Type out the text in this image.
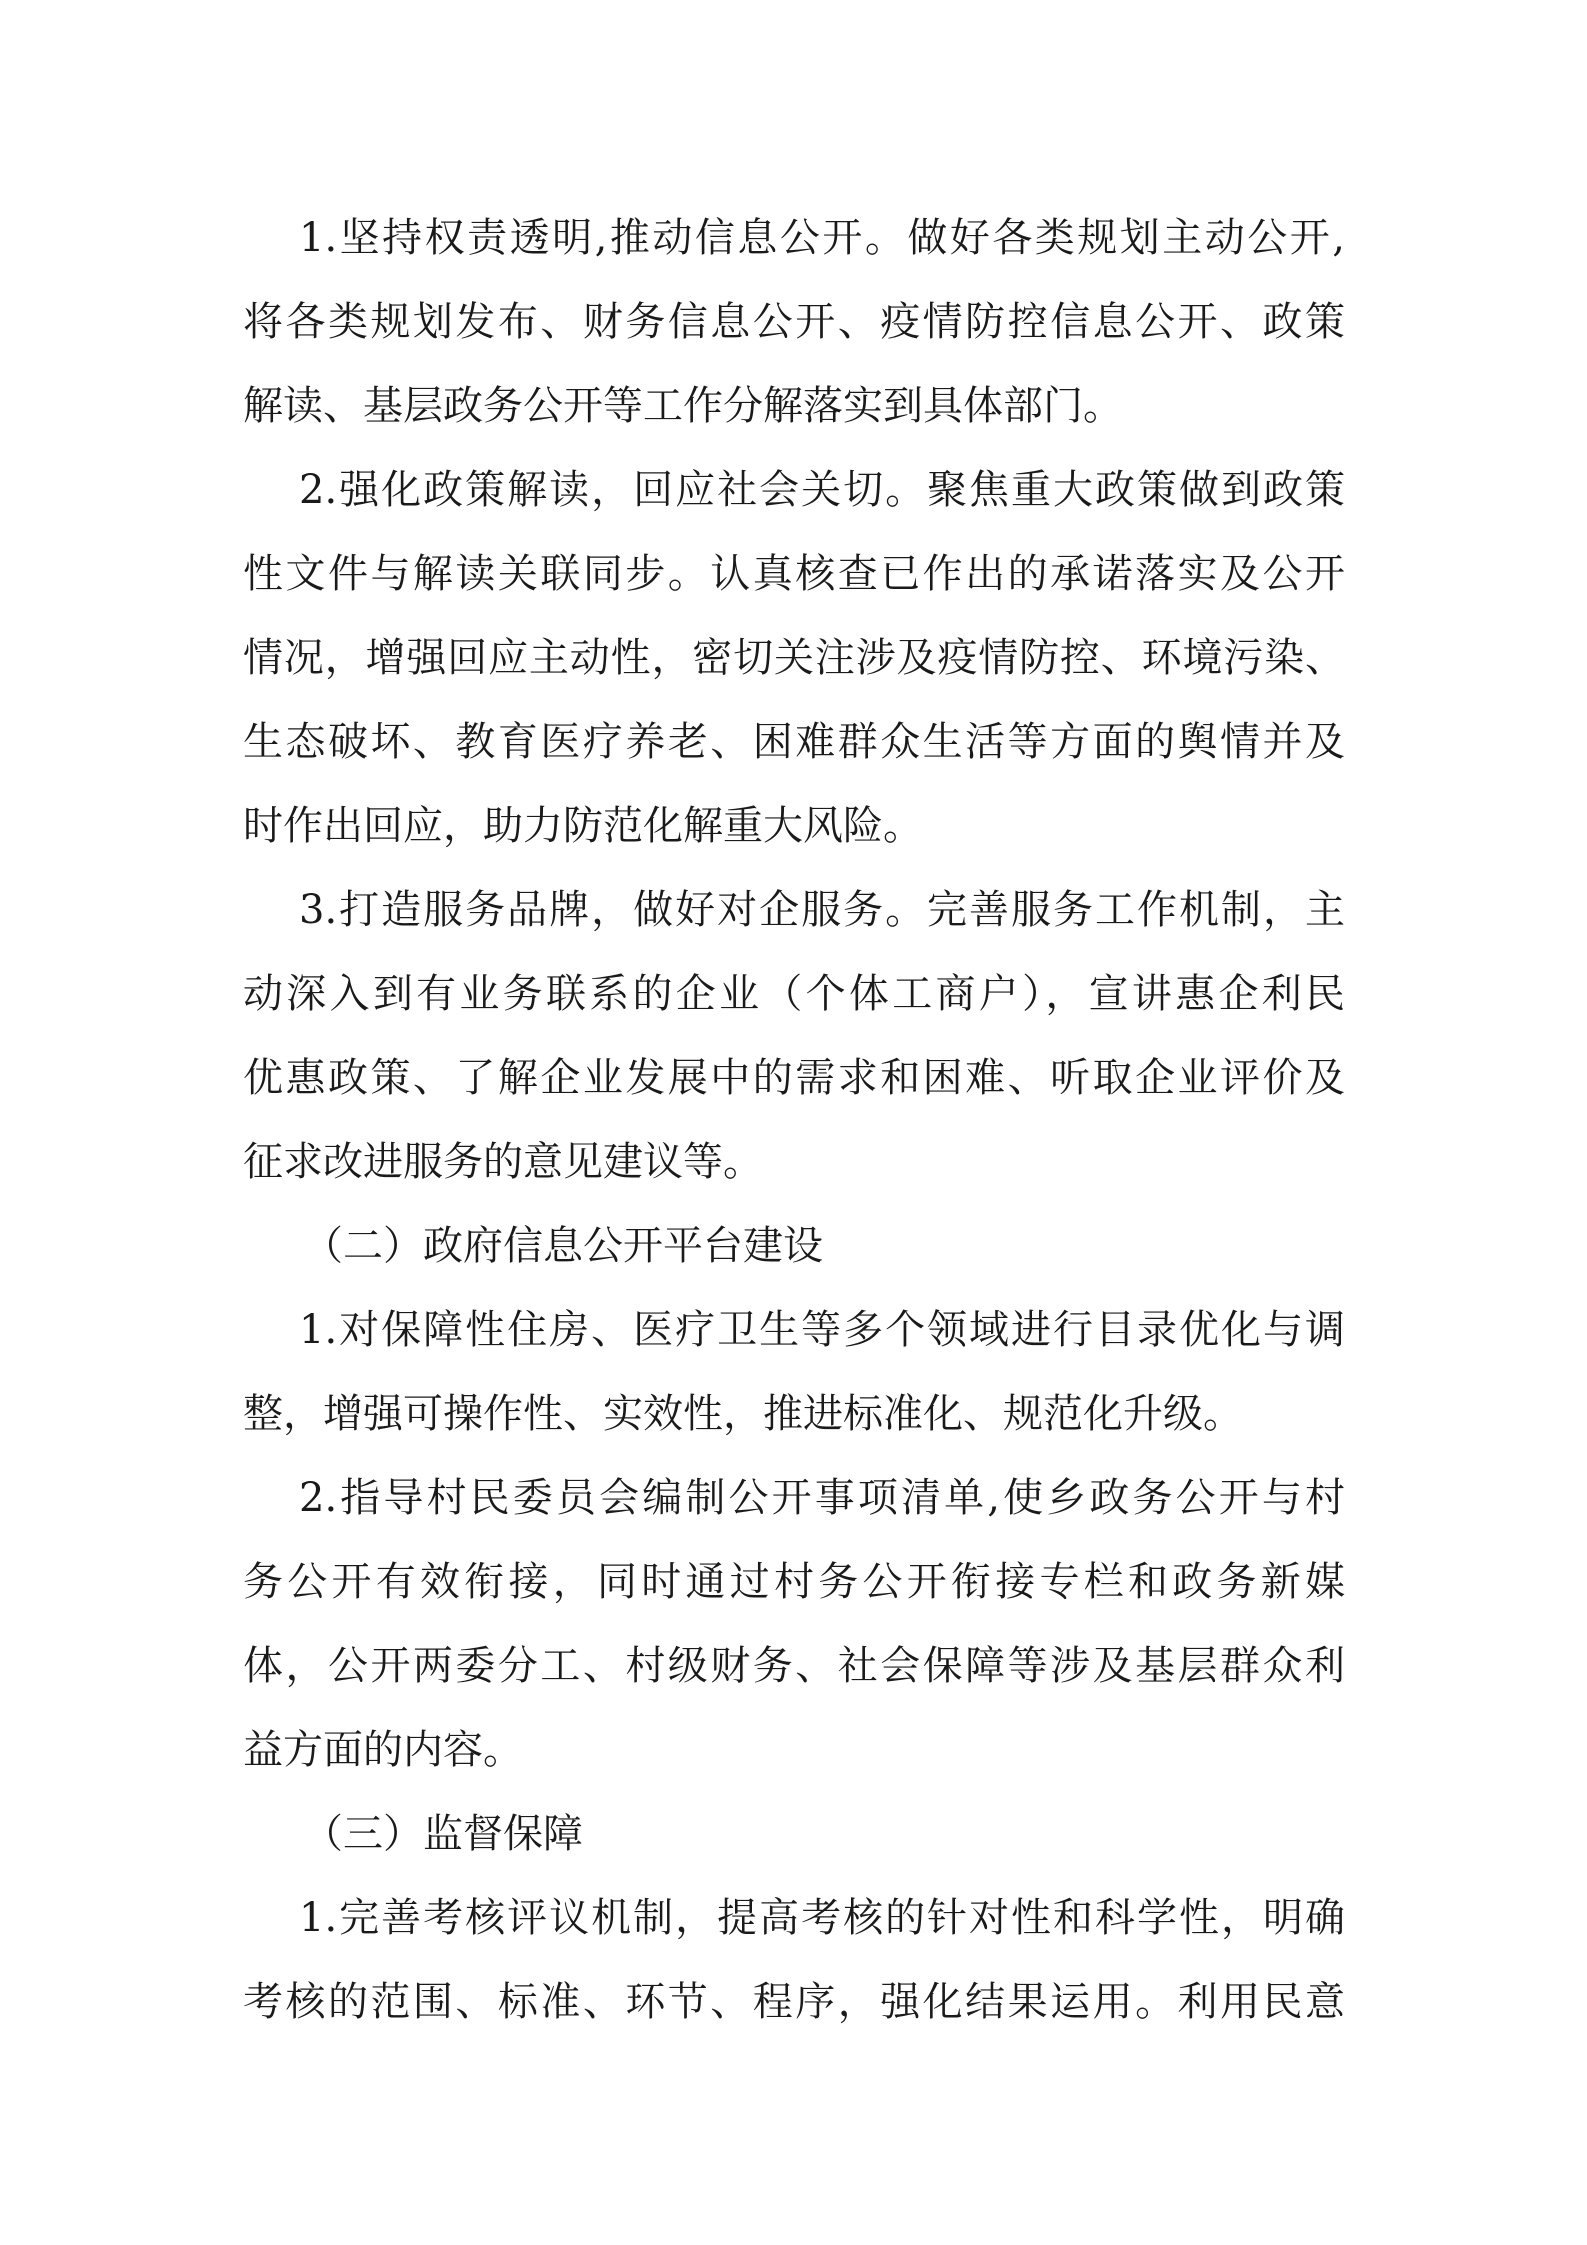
1.坚持权责透明,推动信息公开。做好各类规划主动公开,
将各类规划发布、财务信息公开、疫情防控信息公开、政策
解读、基层政务公开等工作分解落实到具体部门。
2.强化政策解读，回应社会关切。聚焦重大政策做到政策
性文件与解读关联同步。认真核查已作出的承诺落实及公开
情况，增强回应主动性，密切关注涉及疫情防控、环境污染、
生态破坏、教育医疗养老、困难群众生活等方面的舆情并及
时作出回应，助力防范化解重大风险。
3.打造服务品牌，做好对企服务。完善服务工作机制，主
动深入到有业务联系的企业（个体工商户），宣讲惠企利民
优惠政策、了解企业发展中的需求和困难、听取企业评价及
征求改进服务的意见建议等。
（二）政府信息公开平台建设
1.对保障性住房、医疗卫生等多个领域进行目录优化与调
整，增强可操作性、实效性，推进标准化、规范化升级。
2.指导村民委员会编制公开事项清单,使乡政务公开与村
务公开有效衔接，同时通过村务公开衔接专栏和政务新媒
体，公开两委分工、村级财务、社会保障等涉及基层群众利
益方面的内容。
（三）监督保障
1.完善考核评议机制，提高考核的针对性和科学性，明确
考核的范围、标准、环节、程序，强化结果运用。利用民意
